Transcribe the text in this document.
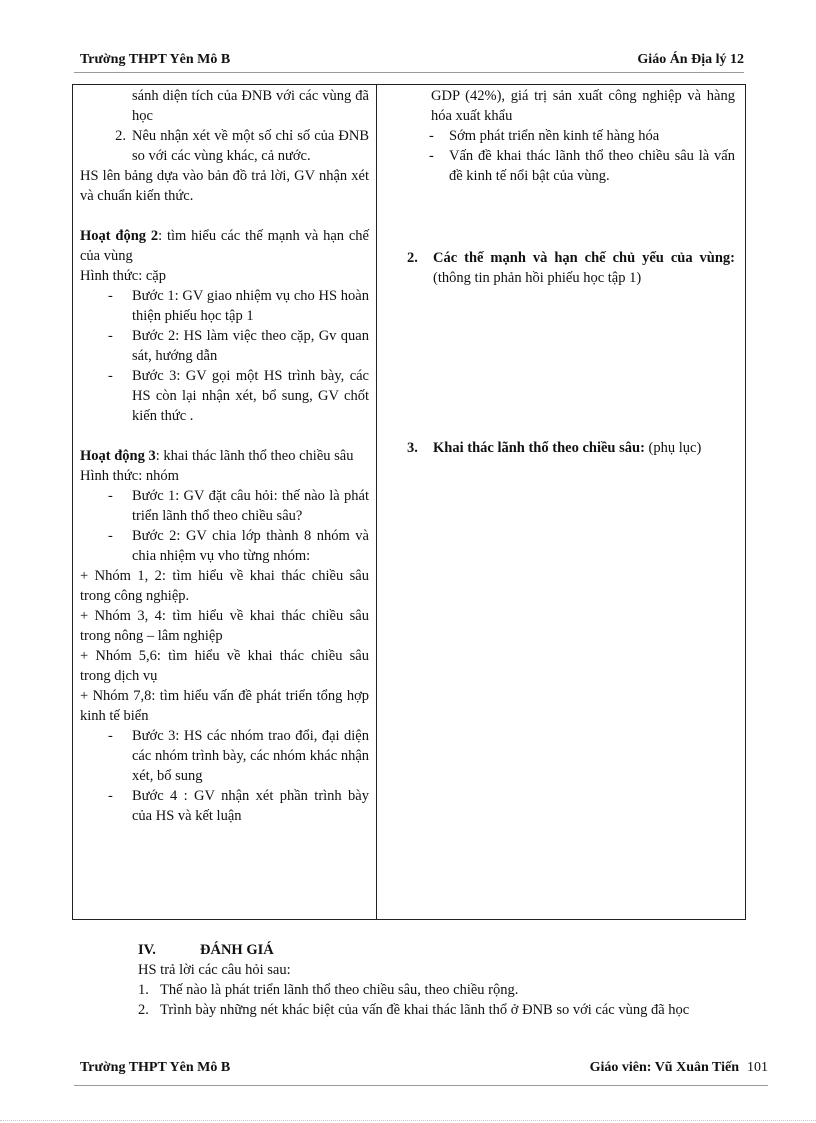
Trường THPT Yên Mô B	Giáo Án Địa lý 12
sánh diện tích của ĐNB với các vùng đã học
2. Nêu nhận xét về một số chỉ số của ĐNB so với các vùng khác, cả nước.
HS lên bảng dựa vào bản đồ trả lời, GV nhận xét và chuẩn kiến thức.
Hoạt động 2: tìm hiểu các thế mạnh và hạn chế của vùng
Hình thức: cặp
-	Bước 1: GV giao nhiệm vụ cho HS hoàn thiện phiếu học tập 1
-	Bước 2: HS làm việc theo cặp, Gv quan sát, hướng dẫn
-	Bước 3: GV gọi một HS trình bày, các HS còn lại nhận xét, bổ sung, GV chốt kiến thức .
Hoạt động 3: khai thác lãnh thổ theo chiều sâu
Hình thức: nhóm
-	Bước 1: GV đặt câu hỏi: thế nào là phát triển lãnh thổ theo chiều sâu?
-	Bước 2: GV chia lớp thành 8 nhóm và chia nhiệm vụ vho từng nhóm:
+ Nhóm 1, 2: tìm hiểu về khai thác chiều sâu trong công nghiệp.
+ Nhóm 3, 4: tìm hiểu về khai thác chiều sâu trong nông – lâm nghiệp
+ Nhóm 5,6: tìm hiểu về khai thác chiều sâu trong dịch vụ
+ Nhóm 7,8: tìm hiểu vấn đề phát triển tổng hợp kinh tế biển
-	Bước 3: HS các nhóm trao đổi, đại diện các nhóm trình bày, các nhóm khác nhận xét, bổ sung
-	Bước 4 : GV nhận xét phần trình bày của HS và kết luận

GDP (42%), giá trị sản xuất công nghiệp và hàng hóa xuất khẩu
-	Sớm phát triển nền kinh tế hàng hóa
-	Vấn đề khai thác lãnh thổ theo chiều sâu là vấn đề kinh tế nổi bật của vùng.
2.	Các thế mạnh và hạn chế chủ yếu của vùng: (thông tin phản hồi phiếu học tập 1)
3.	Khai thác lãnh thổ theo chiều sâu: (phụ lục)
IV.	ĐÁNH GIÁ
HS trả lời các câu hỏi sau:
1. Thế nào là phát triển lãnh thổ theo chiều sâu, theo chiều rộng.
2. Trình bày những nét khác biệt của vấn đề khai thác lãnh thổ ở ĐNB so với các vùng đã học
Trường THPT Yên Mô B	Giáo viên: Vũ Xuân Tiến 101
